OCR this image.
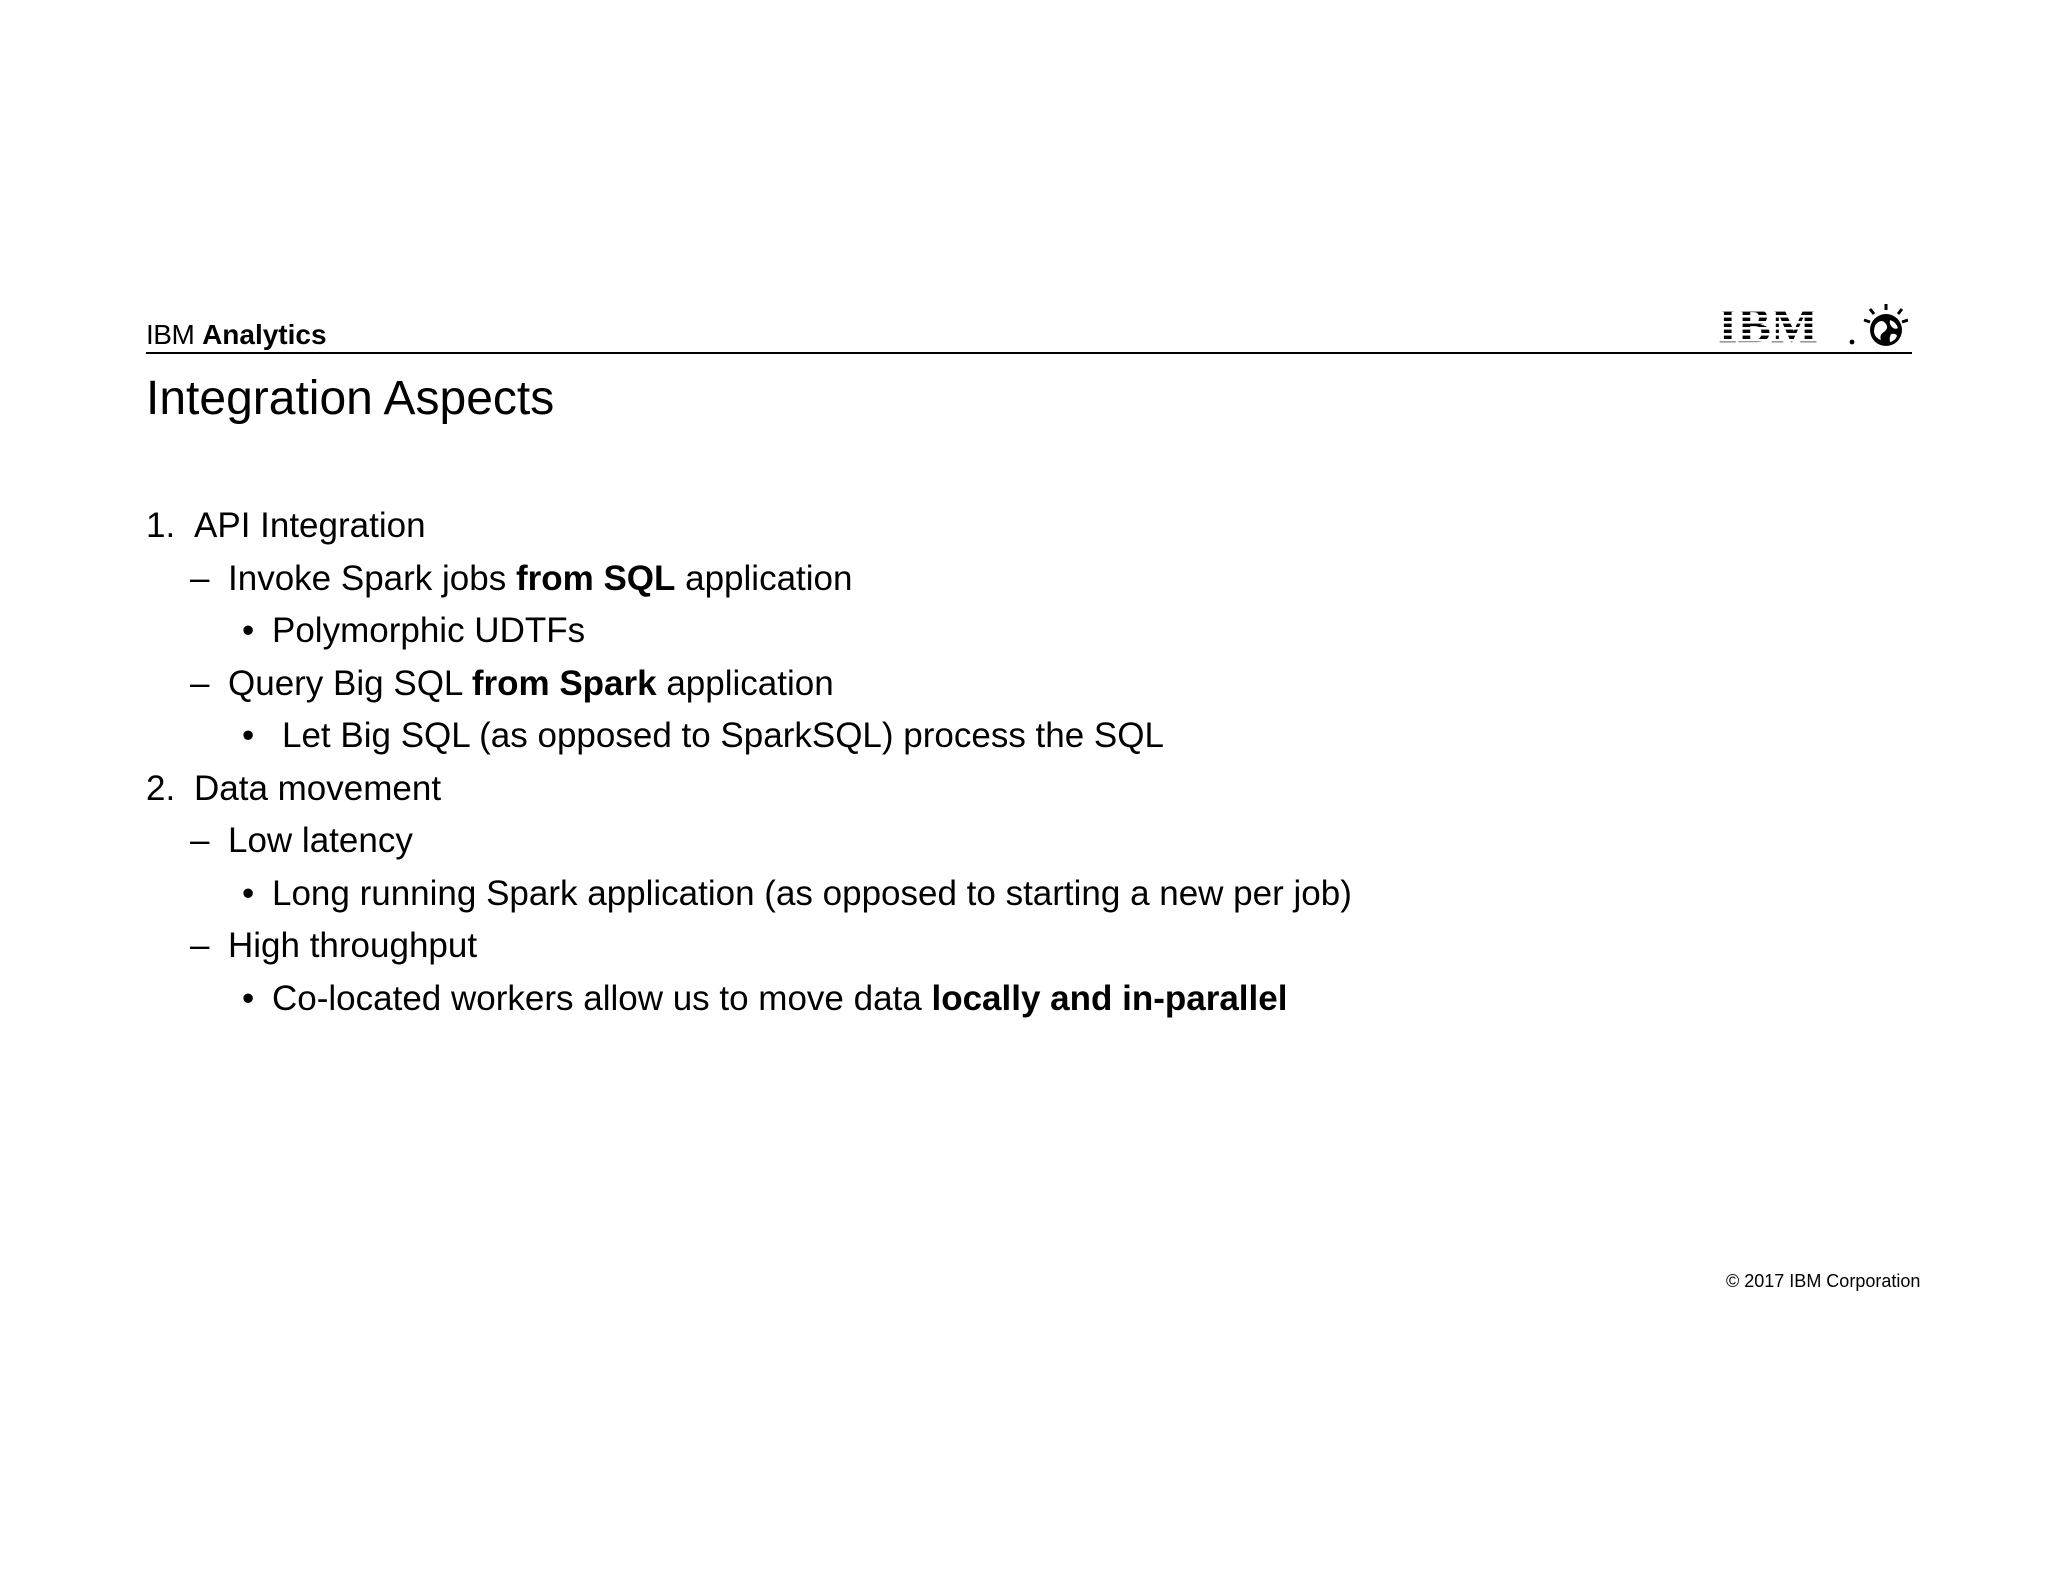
IBM Analytics
Integration Aspects
1. API Integration
– Invoke Spark jobs from SQL application
• Polymorphic UDTFs
– Query Big SQL from Spark application
• Let Big SQL (as opposed to SparkSQL) process the SQL
2. Data movement
– Low latency
• Long running Spark application (as opposed to starting a new per job)
– High throughput
• Co-located workers allow us to move data locally and in-parallel
© 2017 IBM Corporation
